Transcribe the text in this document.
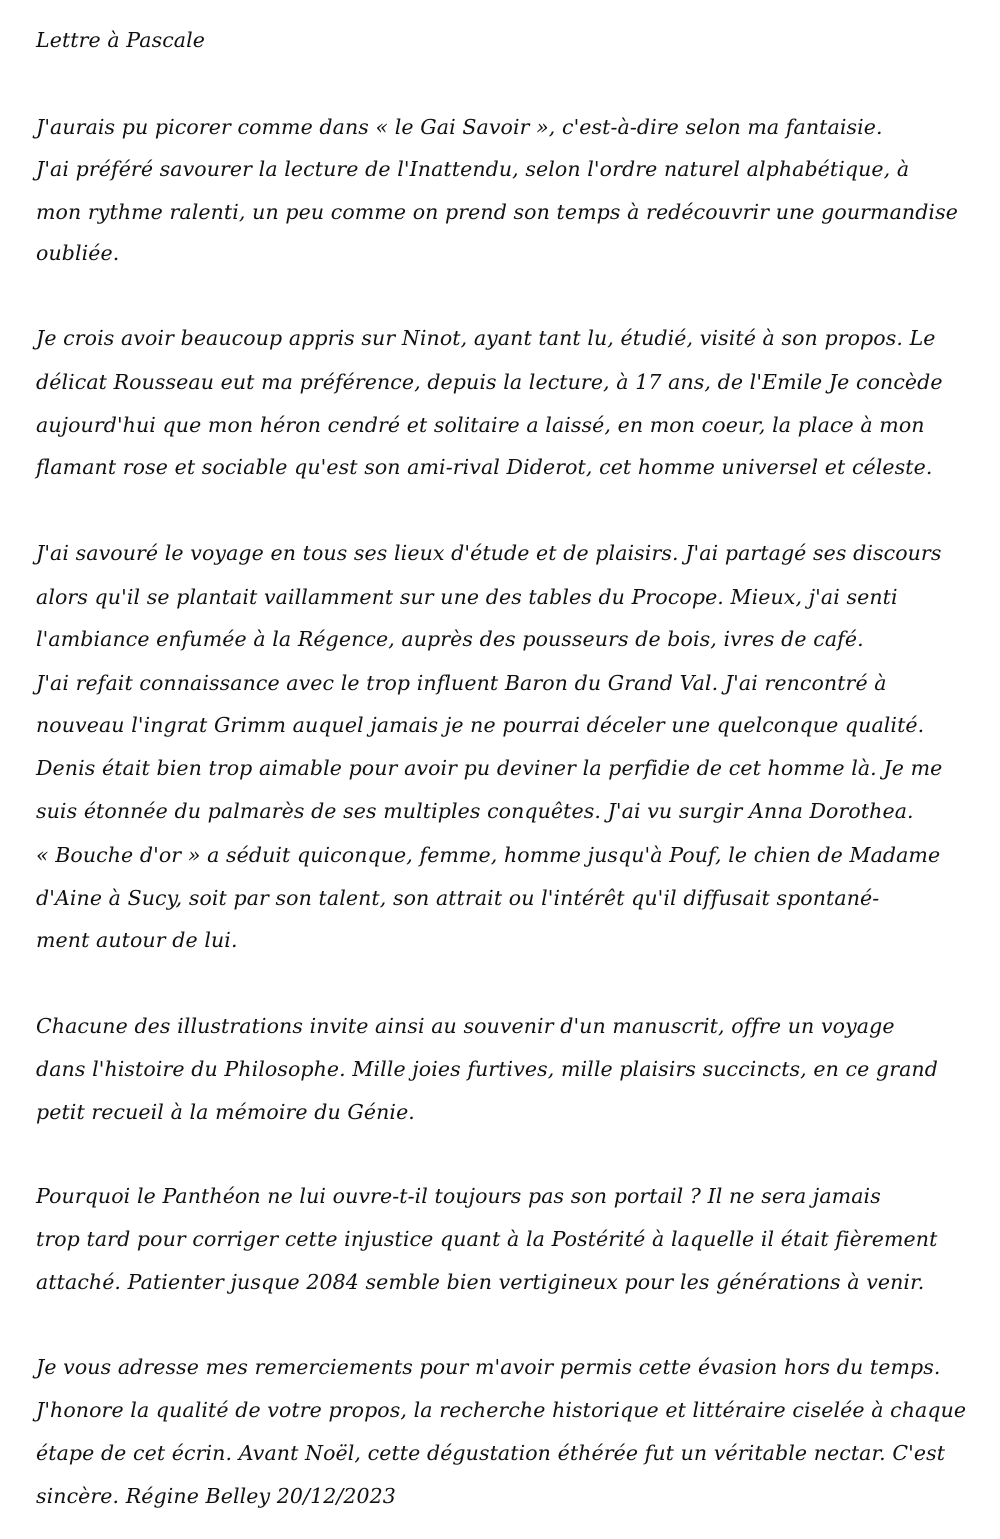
Lettre à Pascale
J'aurais pu picorer comme dans « le Gai Savoir », c'est-à-dire selon ma fantaisie.
J'ai préféré savourer la lecture de l'Inattendu, selon l'ordre naturel alphabétique, à
mon rythme ralenti, un peu comme on prend son temps à redécouvrir une gourmandise
oubliée.
Je crois avoir beaucoup appris sur Ninot, ayant tant lu, étudié, visité à son propos. Le
délicat Rousseau eut ma préférence, depuis la lecture, à 17 ans, de l'Emile Je concède
aujourd'hui que mon héron cendré et solitaire a laissé, en mon coeur, la place à mon
flamant rose et sociable qu'est son ami-rival Diderot, cet homme universel et céleste.
J'ai savouré le voyage en tous ses lieux d'étude et de plaisirs. J'ai partagé ses discours
alors qu'il se plantait vaillamment sur une des tables du Procope. Mieux, j'ai senti
l'ambiance enfumée à la Régence, auprès des pousseurs de bois, ivres de café.
J'ai refait connaissance avec le trop influent Baron du Grand Val. J'ai rencontré à
nouveau l'ingrat Grimm auquel jamais je ne pourrai déceler une quelconque qualité.
Denis était bien trop aimable pour avoir pu deviner la perfidie de cet homme là. Je me
suis étonnée du palmarès de ses multiples conquêtes. J'ai vu surgir Anna Dorothea.
« Bouche d'or » a séduit quiconque, femme, homme jusqu'à Pouf, le chien de Madame
d'Aine à Sucy, soit par son talent, son attrait ou l'intérêt qu'il diffusait spontané-
ment autour de lui.
Chacune des illustrations invite ainsi au souvenir d'un manuscrit, offre un voyage
dans l'histoire du Philosophe. Mille joies furtives, mille plaisirs succincts, en ce grand
petit recueil à la mémoire du Génie.
Pourquoi le Panthéon ne lui ouvre-t-il toujours pas son portail ? Il ne sera jamais
trop tard pour corriger cette injustice quant à la Postérité à laquelle il était fièrement
attaché. Patienter jusque 2084 semble bien vertigineux pour les générations à venir.
Je vous adresse mes remerciements pour m'avoir permis cette évasion hors du temps.
J'honore la qualité de votre propos, la recherche historique et littéraire ciselée à chaque
étape de cet écrin. Avant Noël, cette dégustation éthérée fut un véritable nectar. C'est
sincère. Régine Belley 20/12/2023
